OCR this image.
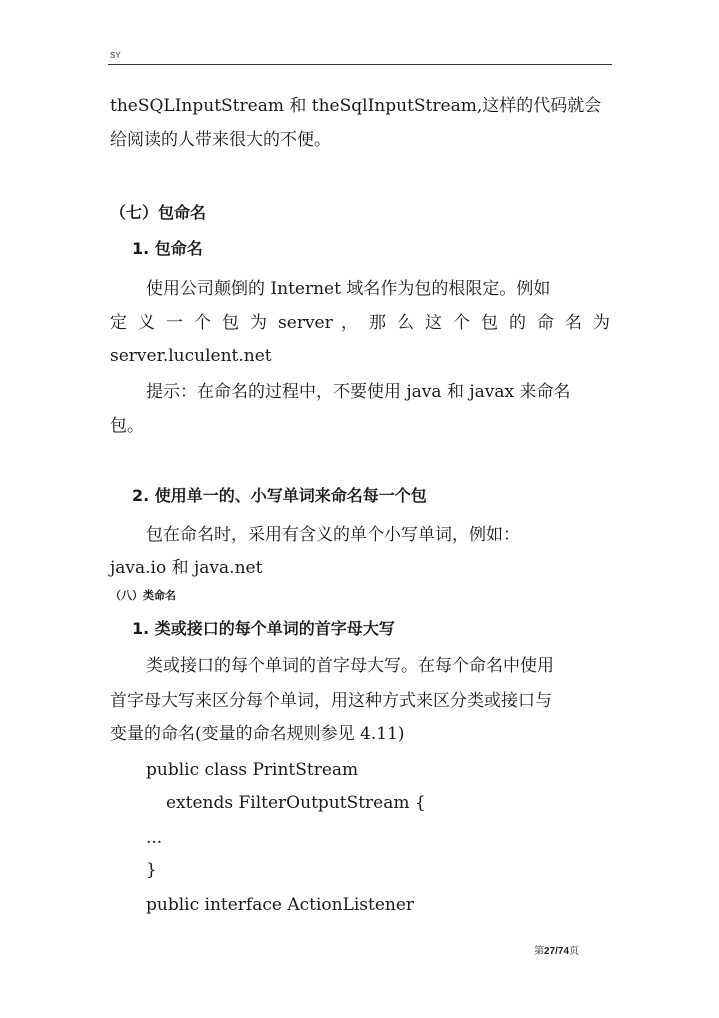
SY
theSQLInputStream 和 theSqlInputStream,这样的代码就会
给阅读的人带来很大的不便。
（七）包命名
1. 包命名
使用公司颠倒的 Internet 域名作为包的根限定。例如
定 义 一 个 包 为 server ， 那 么 这 个 包 的 命 名 为
server.luculent.net
提示：在命名的过程中，不要使用 java 和 javax 来命名
包。
2. 使用单一的、小写单词来命名每一个包
包在命名时，采用有含义的单个小写单词，例如：
java.io 和 java.net
（八）类命名
1. 类或接口的每个单词的首字母大写
类或接口的每个单词的首字母大写。在每个命名中使用
首字母大写来区分每个单词，用这种方式来区分类或接口与
变量的命名(变量的命名规则参见 4.11)
public class PrintStream
extends FilterOutputStream {
...
}
public interface ActionListener
第27/74页
